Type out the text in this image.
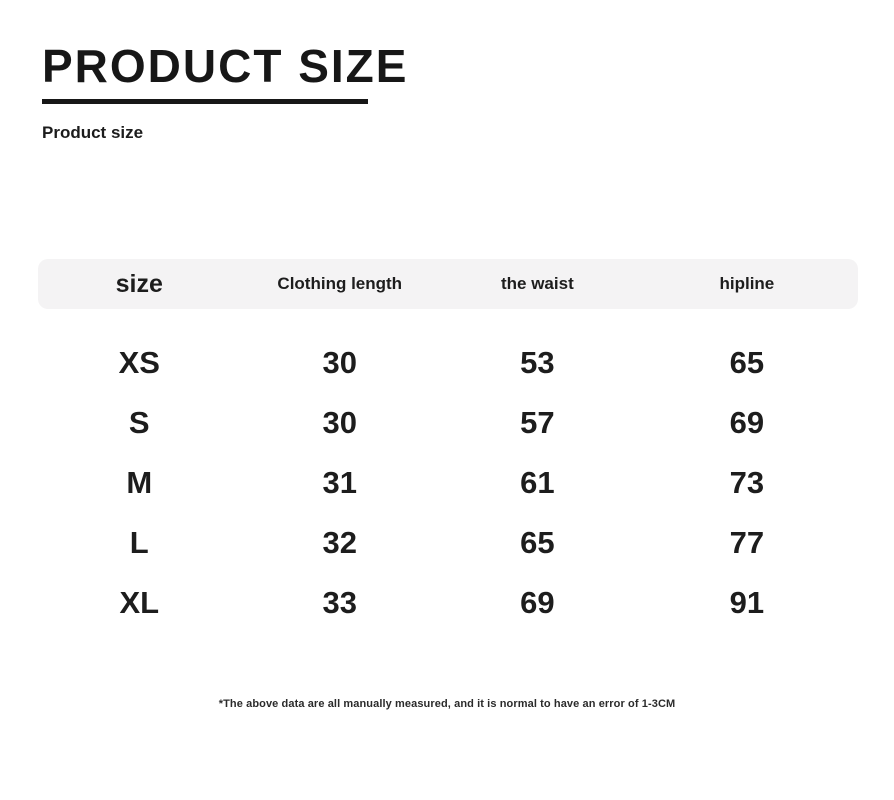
PRODUCT SIZE
Product size
size	Clothing length	the waist	hipline
XS	30	53	65
S	30	57	69
M	31	61	73
L	32	65	77
XL	33	69	91
*The above data are all manually measured, and it is normal to have an error of 1-3CM
